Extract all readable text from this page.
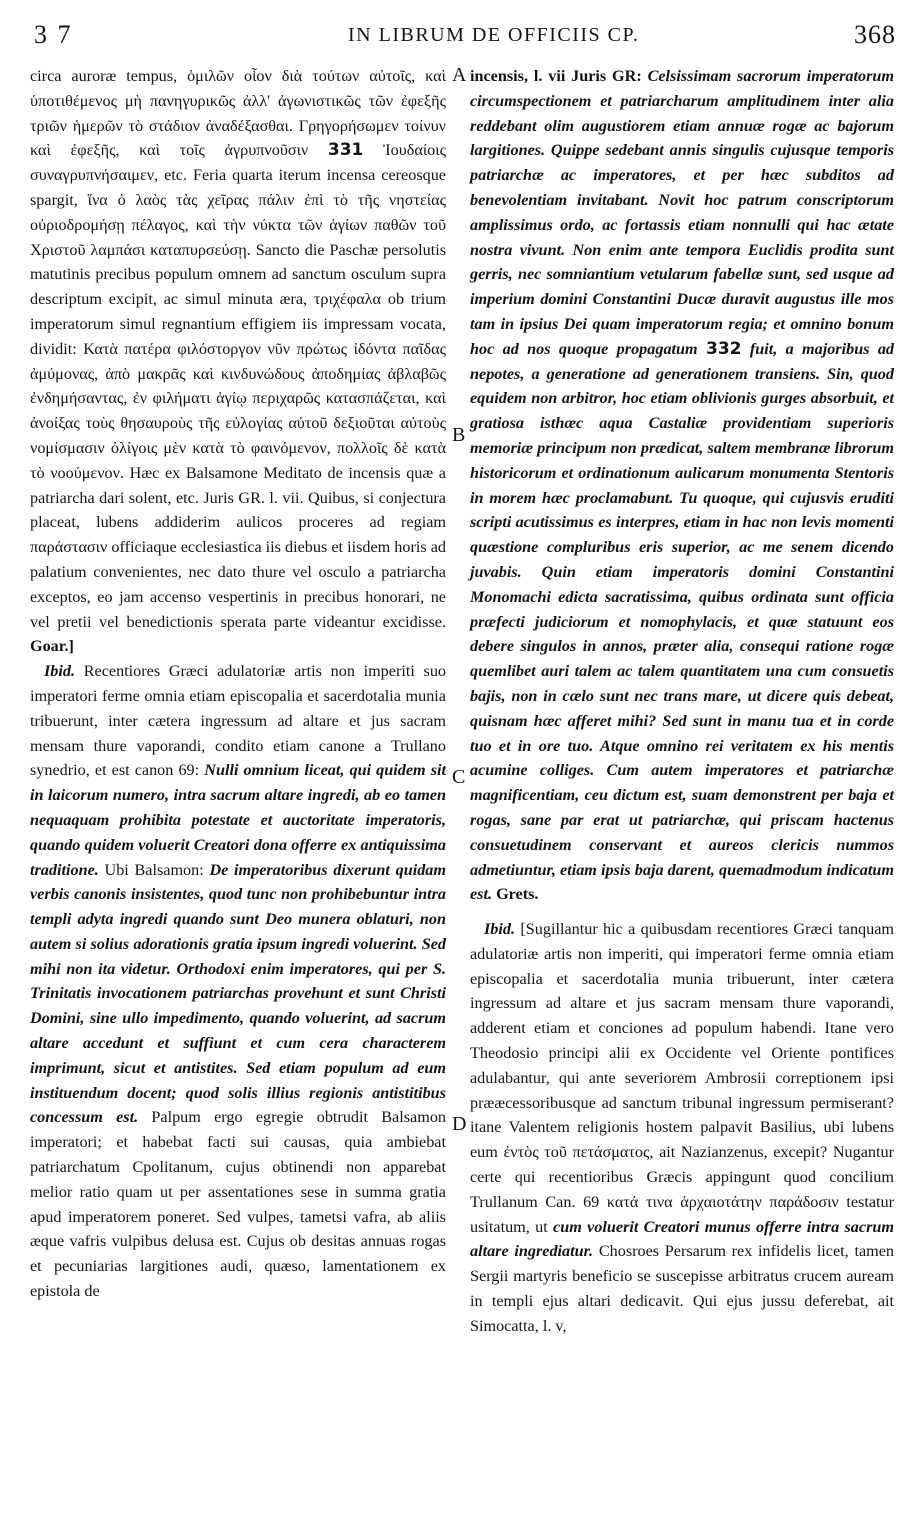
3 7	IN LIBRUM DE OFFICIIS CP.	368
A
B
C
D

circa auroræ tempus, ὁμιλῶν οἷον διὰ τούτων αὐτοῖς, καὶ ὑποτιθέμενος μὴ πανηγυρικῶς ἀλλ' ἀγωνιστικῶς τῶν ἐφεξῆς τριῶν ἡμερῶν τὸ στάδιον ἀναδέξασθαι. Γρηγορήσωμεν τοίνυν καὶ ἐφεξῆς, καὶ τοῖς ἀγρυπνοῦσιν 331 Ἰουδαίοις συναγρυπνήσαιμεν, etc. Feria quarta iterum incensa cereosque spargit, ἵνα ὁ λαὸς τὰς χεῖρας πάλιν ἐπὶ τὸ τῆς νηστείας οὐριοδρομήσῃ πέλαγος, καὶ τὴν νύκτα τῶν ἁγίων παθῶν τοῦ Χριστοῦ λαμπάσι καταπυρσεύσῃ. Sancto die Paschæ persolutis matutinis precibus populum omnem ad sanctum osculum supra descriptum excipit, ac simul minuta æra, τριχέφαλα ob trium imperatorum simul regnantium effigiem iis impressam vocata, dividit: Κατὰ πατέρα φιλόστοργον νῦν πρώτως ἰδόντα παῖδας ἀμύμονας, ἀπὸ μακρᾶς καὶ κινδυνώδους ἀποδημίας ἀβλαβῶς ἐνδημήσαντας, ἐν φιλήματι ἁγίῳ περιχαρῶς κατασπάζεται, καὶ ἀνοίξας τοὺς θησαυροὺς τῆς εὐλογίας αὐτοῦ δεξιοῦται αὐτοὺς νομίσμασιν ὀλίγοις μὲν κατὰ τὸ φαινόμενον, πολλοῖς δὲ κατὰ τὸ νοούμενον. Hæc ex Balsamone Meditato de incensis quæ a patriarcha dari solent, etc. Juris GR. l. vii. Quibus, si conjectura placeat, lubens addiderim aulicos proceres ad regiam παράστασιν officiaque ecclesiastica iis diebus et iisdem horis ad palatium convenientes, nec dato thure vel osculo a patriarcha exceptos, eo jam accenso vespertinis in precibus honorari, ne vel pretii vel benedictionis sperata parte videantur excidisse. Goar.]

Ibid. Recentiores Græci adulatoriæ artis non imperiti suo imperatori ferme omnia etiam episcopalia et sacerdotalia munia tribuerunt, inter cætera ingressum ad altare et jus sacram mensam thure vaporandi, condito etiam canone a Trullano synedrio, et est canon 69: Nulli omnium liceat, qui quidem sit in laicorum numero, intra sacrum altare ingredi, ab eo tamen nequaquam prohibita potestate et auctoritate imperatoris, quando quidem voluerit Creatori dona offerre ex antiquissima traditione. Ubi Balsamon: De imperatoribus dixerunt quidam verbis canonis insistentes, quod tunc non prohibebuntur intra templi adyta ingredi quando sunt Deo munera oblaturi, non autem si solius adorationis gratia ipsum ingredi voluerint. Sed mihi non ita videtur. Orthodoxi enim imperatores, qui per S. Trinitatis invocationem patriarchas provehunt et sunt Christi Domini, sine ullo impedimento, quando voluerint, ad sacrum altare accedunt et suffiunt et cum cera characterem imprimunt, sicut et antistites. Sed etiam populum ad eum instituendum docent; quod solis illius regionis antistitibus concessum est. Palpum ergo egregie obtrudit Balsamon imperatori; et habebat facti sui causas, quia ambiebat patriarchatum Cpolitanum, cujus obtinendi non apparebat melior ratio quam ut per assentationes sese in summa gratia apud imperatorem poneret. Sed vulpes, tametsi vafra, ab aliis æque vafris vulpibus delusa est. Cujus ob desitas annuas rogas et pecuniarias largitiones audi, quæso, lamentationem ex epistola de

incensis, l. vii Juris GR: Celsissimam sacrorum imperatorum circumspectionem et patriarcharum amplitudinem inter alia reddebant olim augustiorem etiam annuæ rogæ ac bajorum largitiones. Quippe sedebant annis singulis cujusque temporis patriarchæ ac imperatores, et per hæc subditos ad benevolentiam invitabant. Novit hoc patrum conscriptorum amplissimus ordo, ac fortassis etiam nonnulli qui hac ætate nostra vivunt. Non enim ante tempora Euclidis prodita sunt gerris, nec somniantium vetularum fabellæ sunt, sed usque ad imperium domini Constantini Ducæ duravit augustus ille mos tam in ipsius Dei quam imperatorum regia; et omnino bonum hoc ad nos quoque propagatum 332 fuit, a majoribus ad nepotes, a generatione ad generationem transiens. Sin, quod equidem non arbitror, hoc etiam oblivionis gurges absorbuit, et gratiosa isthæc aqua Castaliæ providentiam superioris memoriæ principum non prædicat, saltem membranæ librorum historicorum et ordinationum aulicarum monumenta Stentoris in morem hæc proclamabunt. Tu quoque, qui cujusvis eruditi scripti acutissimus es interpres, etiam in hac non levis momenti quæstione compluribus eris superior, ac me senem dicendo juvabis. Quin etiam imperatoris domini Constantini Monomachi edicta sacratissima, quibus ordinata sunt officia præfecti judiciorum et nomophylacis, et quæ statuunt eos debere singulos in annos, præter alia, consequi ratione rogæ quemlibet auri talem ac talem quantitatem una cum consuetis bajis, non in cælo sunt nec trans mare, ut dicere quis debeat, quisnam hæc afferet mihi? Sed sunt in manu tua et in corde tuo et in ore tuo. Atque omnino rei veritatem ex his mentis acumine colliges. Cum autem imperatores et patriarchæ magnificentiam, ceu dictum est, suam demonstrent per baja et rogas, sane par erat ut patriarchæ, qui priscam hactenus consuetudinem conservant et aureos clericis nummos admetiuntur, etiam ipsis baja darent, quemadmodum indicatum est. Grets.

Ibid. [Sugillantur hic a quibusdam recentiores Græci tanquam adulatoriæ artis non imperiti, qui imperatori ferme omnia etiam episcopalia et sacerdotalia munia tribuerunt, inter cætera ingressum ad altare et jus sacram mensam thure vaporandi, adderent etiam et conciones ad populum habendi. Itane vero Theodosio principi alii ex Occidente vel Oriente pontifices adulabantur, qui ante severiorem Ambrosii correptionem ipsi prææcessoribusque ad sanctum tribunal ingressum permiserant? itane Valentem religionis hostem palpavit Basilius, ubi lubens eum ἐντὸς τοῦ πετάσματος, ait Nazianzenus, excepit? Nugantur certe qui recentioribus Græcis appingunt quod concilium Trullanum Can. 69 κατά τινα ἀρχαιοτάτην παράδοσιν testatur usitatum, ut cum voluerit Creatori munus offerre intra sacrum altare ingrediatur. Chosroes Persarum rex infidelis licet, tamen Sergii martyris beneficio se suscepisse arbitratus crucem auream in templi ejus altari dedicavit. Qui ejus jussu deferebat, ait Simocatta, l. v,
